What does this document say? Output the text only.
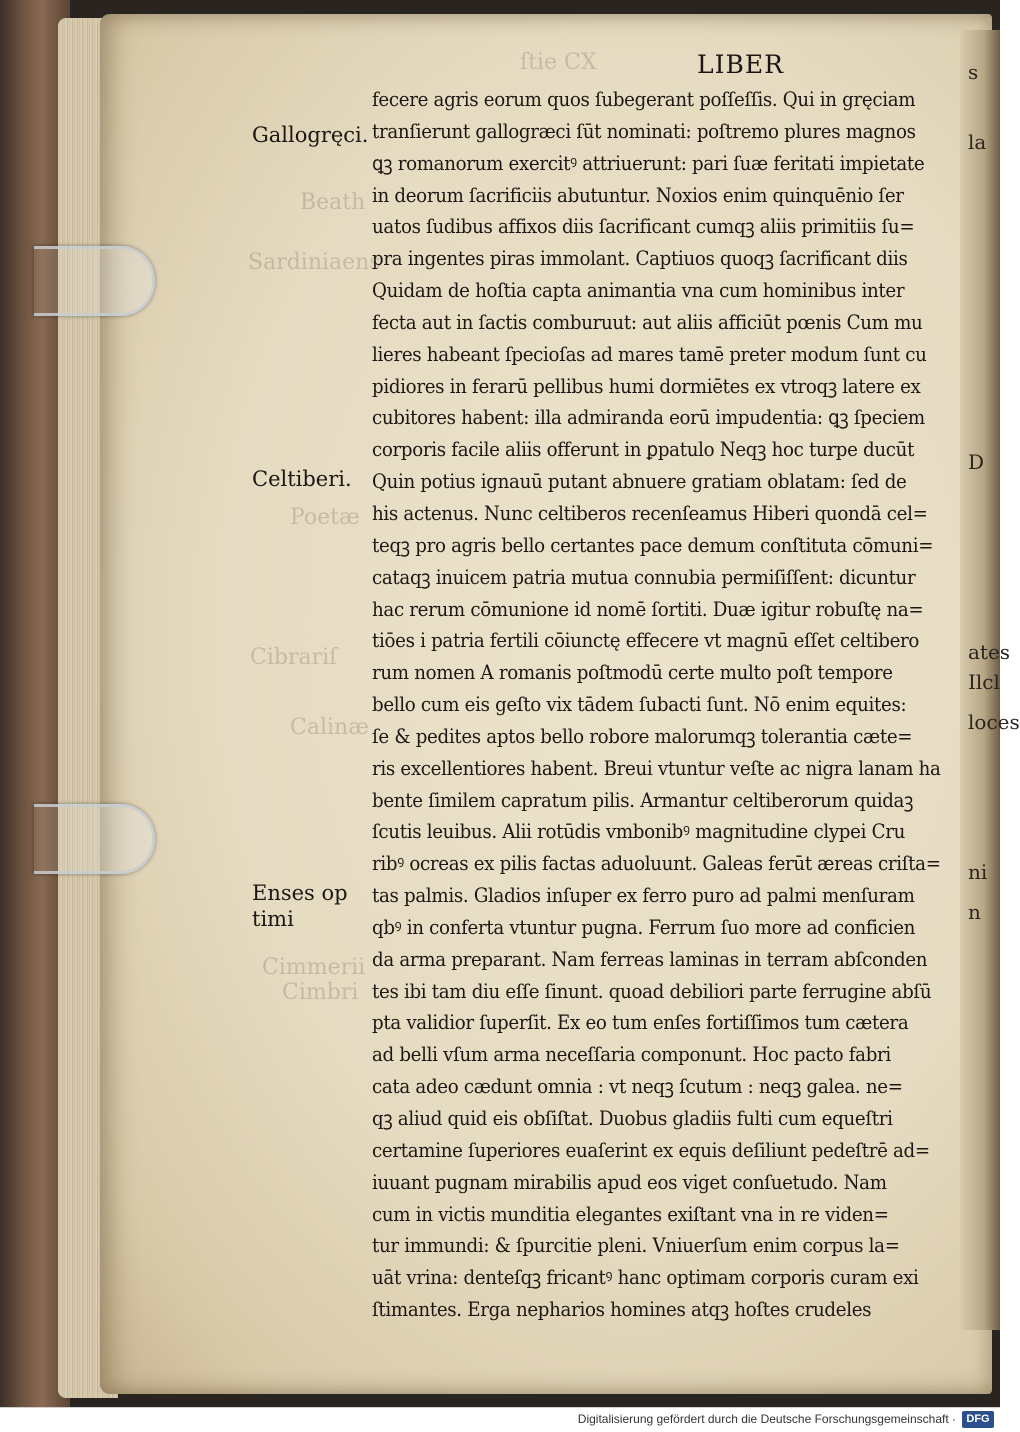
ſtie CX
Beath
Sardiniaens
Poetæ
Cibrariſ
Calinæ
Cimmerii
Cimbri
s
la
D
ates
Ilcl
loces
ni
n
LIBER
Gallogręci.
Celtiberi.
Enses op
timi
fecere agris eorum quos ſubegerant poſſeſſis. Qui in gręciam
tranſierunt gallogræci ſūt nominati: poſtremo plures magnos
ꝗꝫ romanorum exercitꝰ attriuerunt: pari ſuæ feritati impietate
in deorum ſacrificiis abutuntur. Noxios enim quinquēnio ſer
uatos ſudibus affixos diis ſacrificant cumqꝫ aliis primitiis ſu=
pra ingentes piras immolant. Captiuos quoqꝫ ſacrificant diis
Quidam de hoſtia capta animantia vna cum hominibus inter
fecta aut in ſactis comburuut: aut aliis afficiūt pœnis Cum mu
lieres habeant ſpecioſas ad mares tamē preter modum ſunt cu
pidiores in ferarū pellibus humi dormiētes ex vtroqꝫ latere ex
cubitores habent: illa admiranda eorū impudentia: ꝗꝫ ſpeciem
corporis facile aliis offerunt in ꝑpatulo Neqꝫ hoc turpe ducūt
Quin potius ignauū putant abnuere gratiam oblatam: ſed de
his actenus. Nunc celtiberos recenſeamus Hiberi quondā cel=
teqꝫ pro agris bello certantes pace demum conſtituta cōmuni=
cataqꝫ inuicem patria mutua connubia permiſiſſent: dicuntur
hac rerum cōmunione id nomē ſortiti. Duæ igitur robuſtę na=
tiōes i patria fertili cōiunctę effecere vt magnū eſſet celtibero
rum nomen A romanis poſtmodū certe multo poſt tempore
bello cum eis geſto vix tādem ſubacti ſunt. Nō enim equites:
ſe & pedites aptos bello robore malorumqꝫ tolerantia cæte=
ris excellentiores habent. Breui vtuntur veſte ac nigra lanam ha
bente ſimilem capratum pilis. Armantur celtiberorum quidaꝫ
ſcutis leuibus. Alii rotūdis vmbonibꝰ magnitudine clypei Cru
ribꝰ ocreas ex pilis factas aduoluunt. Galeas ferūt æreas criſta=
tas palmis. Gladios inſuper ex ferro puro ad palmi menſuram
qbꝰ in conferta vtuntur pugna. Ferrum ſuo more ad conficien
da arma preparant. Nam ferreas laminas in terram abſconden
tes ibi tam diu eſſe ſinunt. quoad debiliori parte ferrugine abſū
pta validior ſuperſit. Ex eo tum enſes fortiſſimos tum cætera
ad belli vſum arma neceſſaria componunt. Hoc pacto fabri
cata adeo cædunt omnia : vt neqꝫ ſcutum : neqꝫ galea. ne=
qꝫ aliud quid eis obſiſtat. Duobus gladiis fulti cum equeſtri
certamine ſuperiores euaſerint ex equis deſiliunt pedeſtrē ad=
iuuant pugnam mirabilis apud eos viget conſuetudo. Nam
cum in victis munditia elegantes exiſtant vna in re viden=
tur immundi: & ſpurcitie pleni. Vniuerſum enim corpus la=
uāt vrina: denteſqꝫ fricantꝰ hanc optimam corporis curam exi
ſtimantes. Erga nepharios homines atqꝫ hoſtes crudeles
Digitalisierung gefördert durch die Deutsche Forschungsgemeinschaft · DFG
